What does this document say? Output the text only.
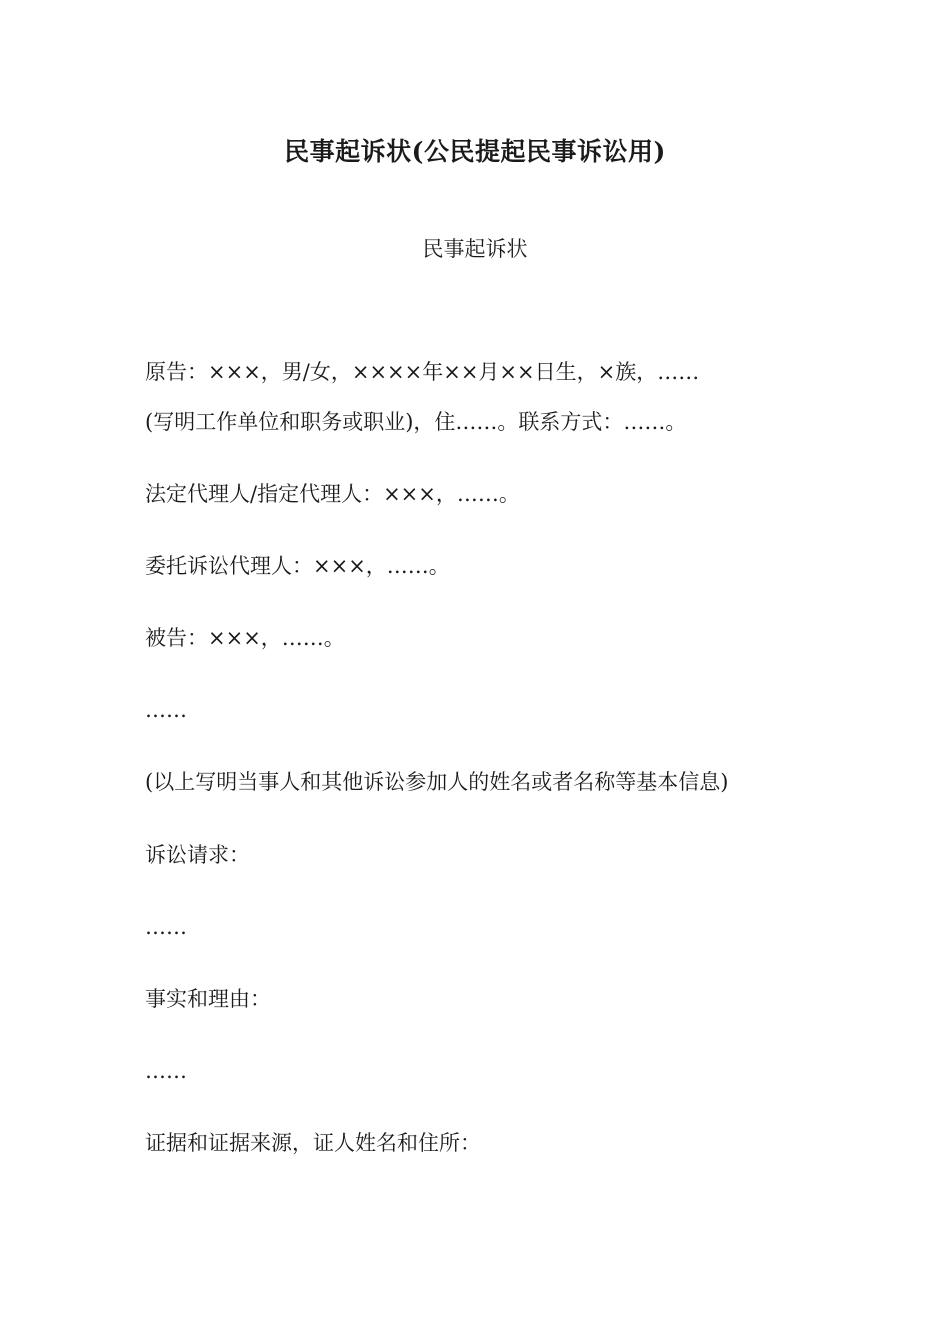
民事起诉状(公民提起民事诉讼用)
民事起诉状
原告：×××，男/女，××××年××月××日生，×族，……
(写明工作单位和职务或职业)，住……。联系方式：……。
法定代理人/指定代理人：×××，……。
委托诉讼代理人：×××，……。
被告：×××，……。
……
(以上写明当事人和其他诉讼参加人的姓名或者名称等基本信息)
诉讼请求：
……
事实和理由：
……
证据和证据来源，证人姓名和住所：
